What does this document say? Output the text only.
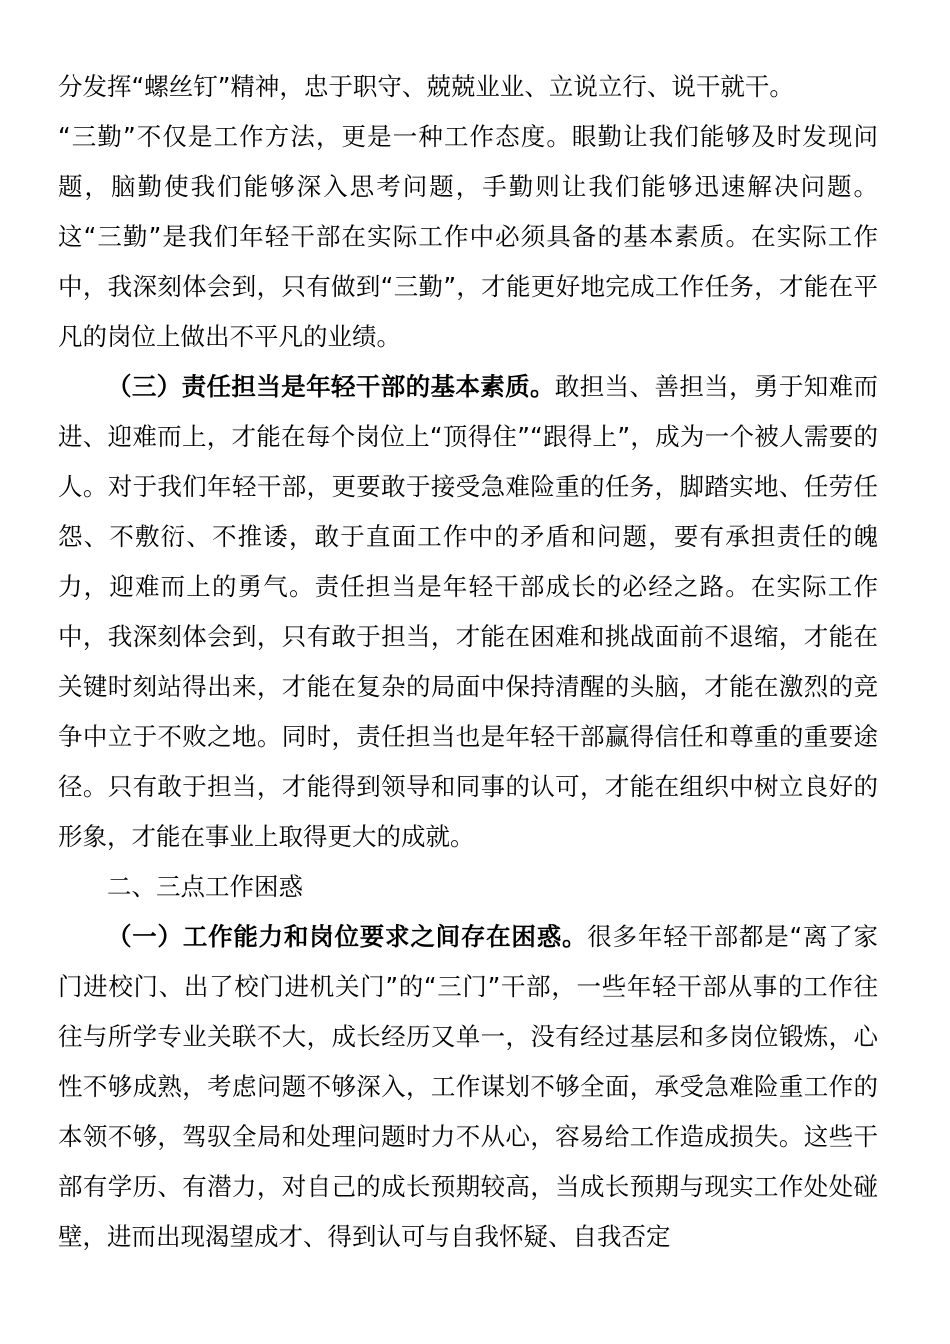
分发挥“螺丝钉”精神，忠于职守、兢兢业业、立说立行、说干就干。

“三勤”不仅是工作方法，更是一种工作态度。眼勤让我们能够及时发现问题，脑勤使我们能够深入思考问题，手勤则让我们能够迅速解决问题。这“三勤”是我们年轻干部在实际工作中必须具备的基本素质。在实际工作中，我深刻体会到，只有做到“三勤”，才能更好地完成工作任务，才能在平凡的岗位上做出不平凡的业绩。

（三）责任担当是年轻干部的基本素质。敢担当、善担当，勇于知难而进、迎难而上，才能在每个岗位上“顶得住”“跟得上”，成为一个被人需要的人。对于我们年轻干部，更要敢于接受急难险重的任务，脚踏实地、任劳任怨、不敷衍、不推诿，敢于直面工作中的矛盾和问题，要有承担责任的魄力，迎难而上的勇气。责任担当是年轻干部成长的必经之路。在实际工作中，我深刻体会到，只有敢于担当，才能在困难和挑战面前不退缩，才能在关键时刻站得出来，才能在复杂的局面中保持清醒的头脑，才能在激烈的竞争中立于不败之地。同时，责任担当也是年轻干部赢得信任和尊重的重要途径。只有敢于担当，才能得到领导和同事的认可，才能在组织中树立良好的形象，才能在事业上取得更大的成就。

二、三点工作困惑

（一）工作能力和岗位要求之间存在困惑。很多年轻干部都是“离了家门进校门、出了校门进机关门”的“三门”干部，一些年轻干部从事的工作往往与所学专业关联不大，成长经历又单一，没有经过基层和多岗位锻炼，心性不够成熟，考虑问题不够深入，工作谋划不够全面，承受急难险重工作的本领不够，驾驭全局和处理问题时力不从心，容易给工作造成损失。这些干部有学历、有潜力，对自己的成长预期较高，当成长预期与现实工作处处碰壁，进而出现渴望成才、得到认可与自我怀疑、自我否定
